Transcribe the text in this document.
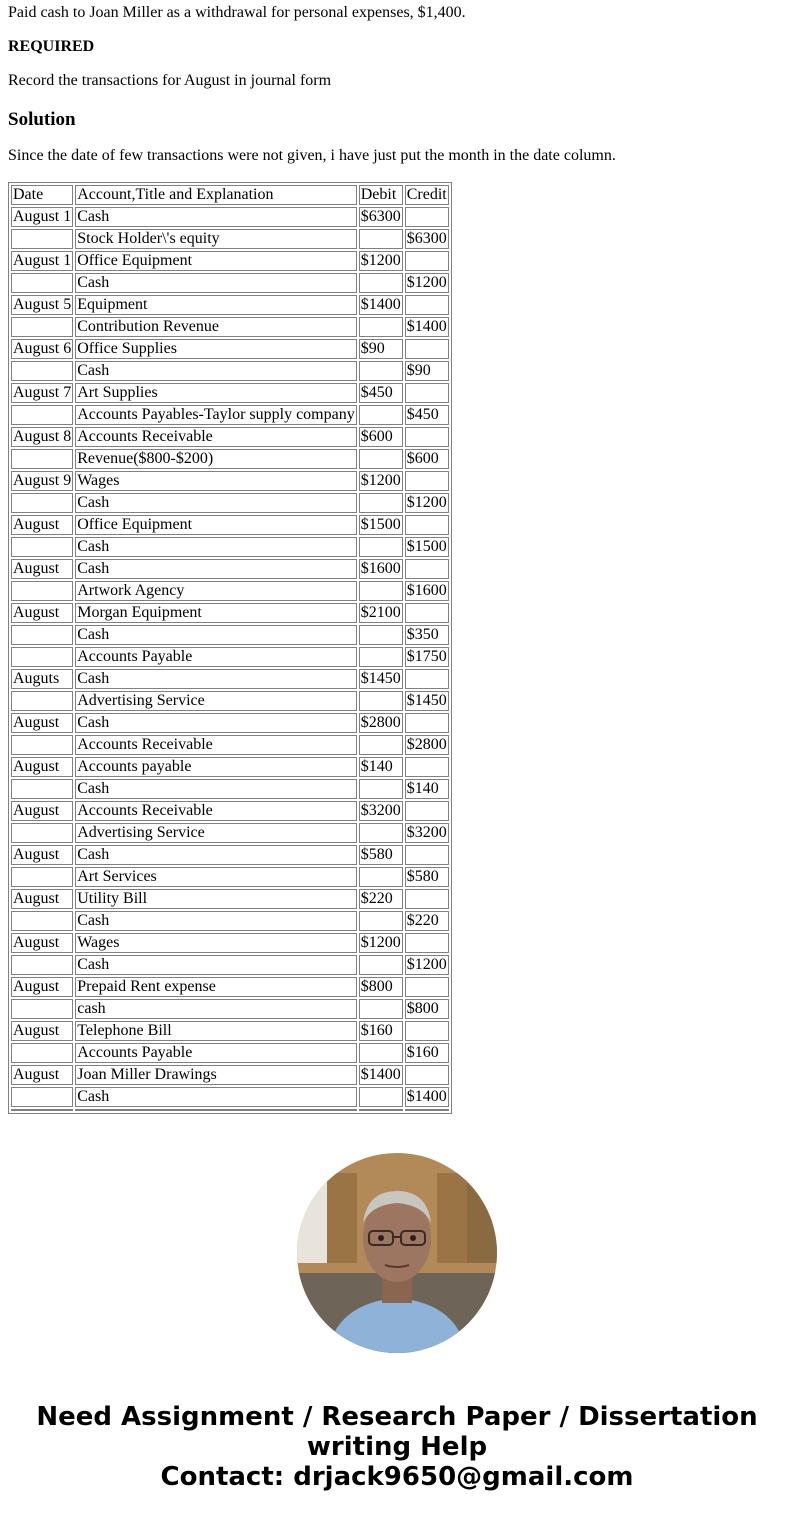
Paid cash to Joan Miller as a withdrawal for personal expenses, $1,400.

REQUIRED

Record the transactions for August in journal form

Solution

Since the date of few transactions were not given, i have just put the month in the date column.

Date	Account,Title and Explanation	Debit	Credit
August 1	Cash	$6300	
	Stock Holder\'s equity		$6300
August 1	Office Equipment	$1200	
	Cash		$1200
August 5	Equipment	$1400	
	Contribution Revenue		$1400
August 6	Office Supplies	$90	
	Cash		$90
August 7	Art Supplies	$450	
	Accounts Payables-Taylor supply company		$450
August 8	Accounts Receivable	$600	
	Revenue($800-$200)		$600
August 9	Wages	$1200	
	Cash		$1200
August	Office Equipment	$1500	
	Cash		$1500
August	Cash	$1600	
	Artwork Agency		$1600
August	Morgan Equipment	$2100	
	Cash		$350
	Accounts Payable		$1750
Auguts	Cash	$1450	
	Advertising Service		$1450
August	Cash	$2800	
	Accounts Receivable		$2800
August	Accounts payable	$140	
	Cash		$140
August	Accounts Receivable	$3200	
	Advertising Service		$3200
August	Cash	$580	
	Art Services		$580
August	Utility Bill	$220	
	Cash		$220
August	Wages	$1200	
	Cash		$1200
August	Prepaid Rent expense	$800	
	cash		$800
August	Telephone Bill	$160	
	Accounts Payable		$160
August	Joan Miller Drawings	$1400	
	Cash		$1400

Need Assignment / Research Paper / Dissertation
writing Help
Contact: drjack9650@gmail.com
